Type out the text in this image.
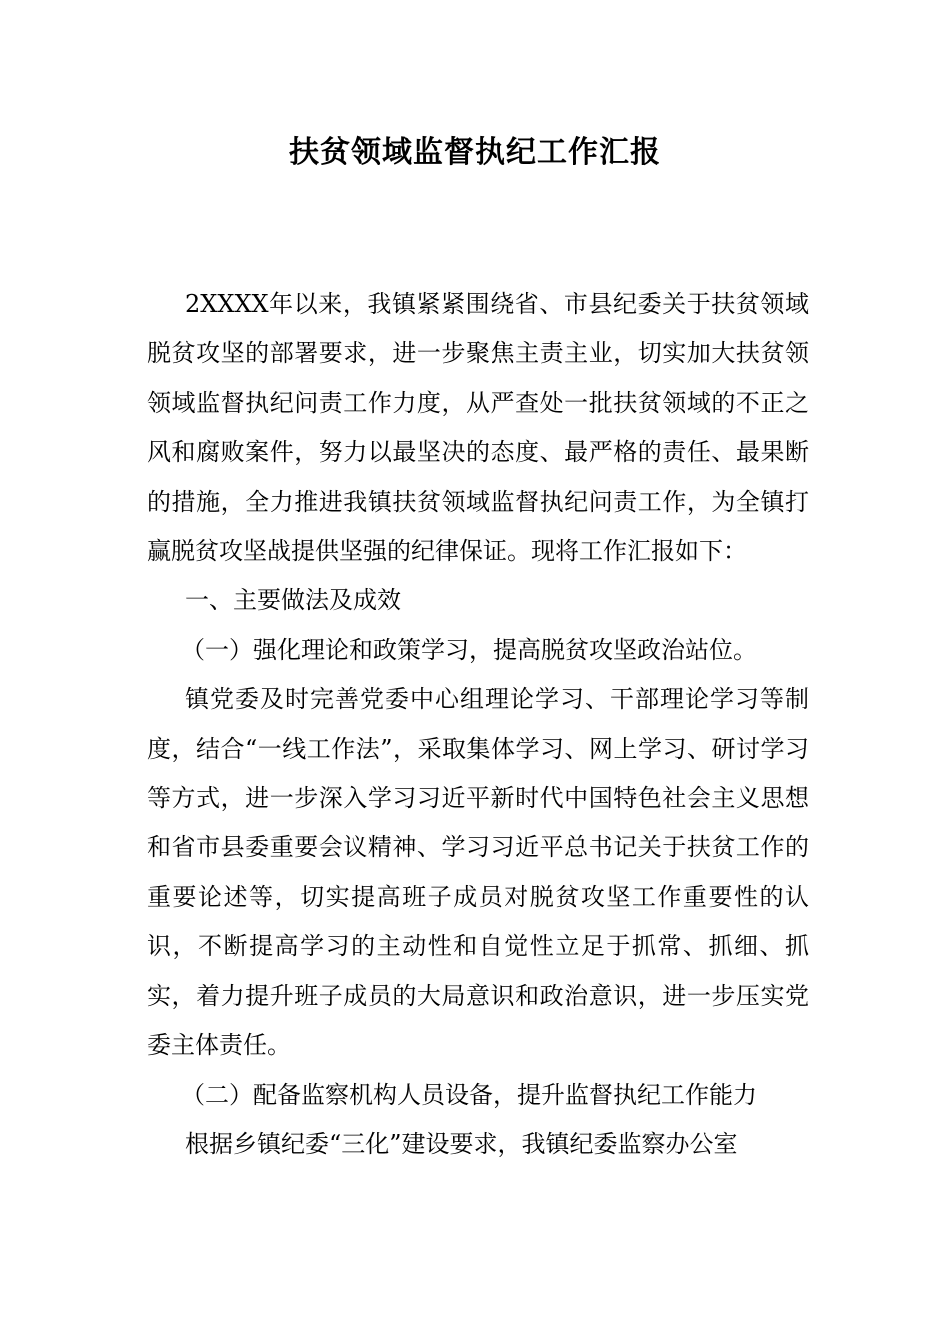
扶贫领域监督执纪工作汇报

2XXXX年以来，我镇紧紧围绕省、市县纪委关于扶贫领域脱贫攻坚的部署要求，进一步聚焦主责主业，切实加大扶贫领领域监督执纪问责工作力度，从严查处一批扶贫领域的不正之风和腐败案件，努力以最坚决的态度、最严格的责任、最果断的措施，全力推进我镇扶贫领域监督执纪问责工作，为全镇打赢脱贫攻坚战提供坚强的纪律保证。现将工作汇报如下：

一、主要做法及成效

（一）强化理论和政策学习，提高脱贫攻坚政治站位。

镇党委及时完善党委中心组理论学习、干部理论学习等制度，结合“一线工作法”，采取集体学习、网上学习、研讨学习等方式，进一步深入学习习近平新时代中国特色社会主义思想和省市县委重要会议精神、学习习近平总书记关于扶贫工作的重要论述等，切实提高班子成员对脱贫攻坚工作重要性的认识，不断提高学习的主动性和自觉性立足于抓常、抓细、抓实，着力提升班子成员的大局意识和政治意识，进一步压实党委主体责任。

（二）配备监察机构人员设备，提升监督执纪工作能力

根据乡镇纪委“三化”建设要求，我镇纪委监察办公室
